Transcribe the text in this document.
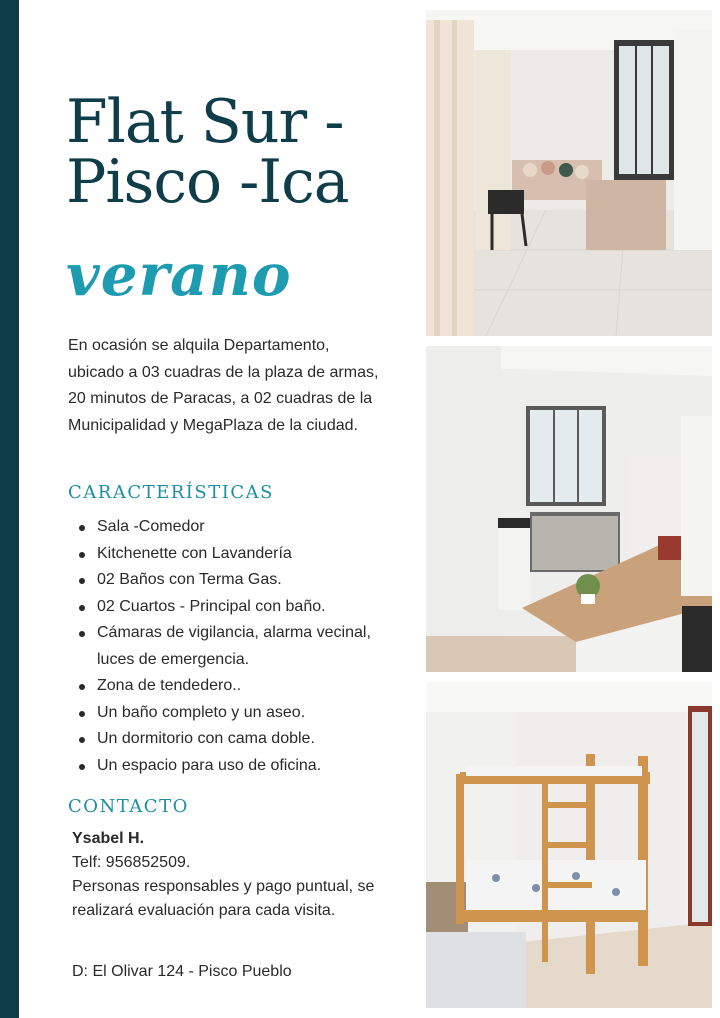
Flat Sur -
Pisco -Ica
verano

En ocasión se alquila Departamento, ubicado a 03 cuadras de la plaza de armas, 20 minutos de Paracas, a 02 cuadras de la Municipalidad y MegaPlaza de la ciudad.

CARACTERÍSTICAS
Sala -Comedor
Kitchenette con Lavandería
02 Baños con Terma Gas.
02 Cuartos - Principal con baño.
Cámaras de vigilancia, alarma vecinal, luces de emergencia.
Zona de tendedero..
Un baño completo y un aseo.
Un dormitorio con cama doble.
Un espacio para uso de oficina.
CONTACTO
Ysabel H.
Telf: 956852509.
Personas responsables y pago puntual, se realizará evaluación para cada visita.
D: El Olivar 124 - Pisco Pueblo
